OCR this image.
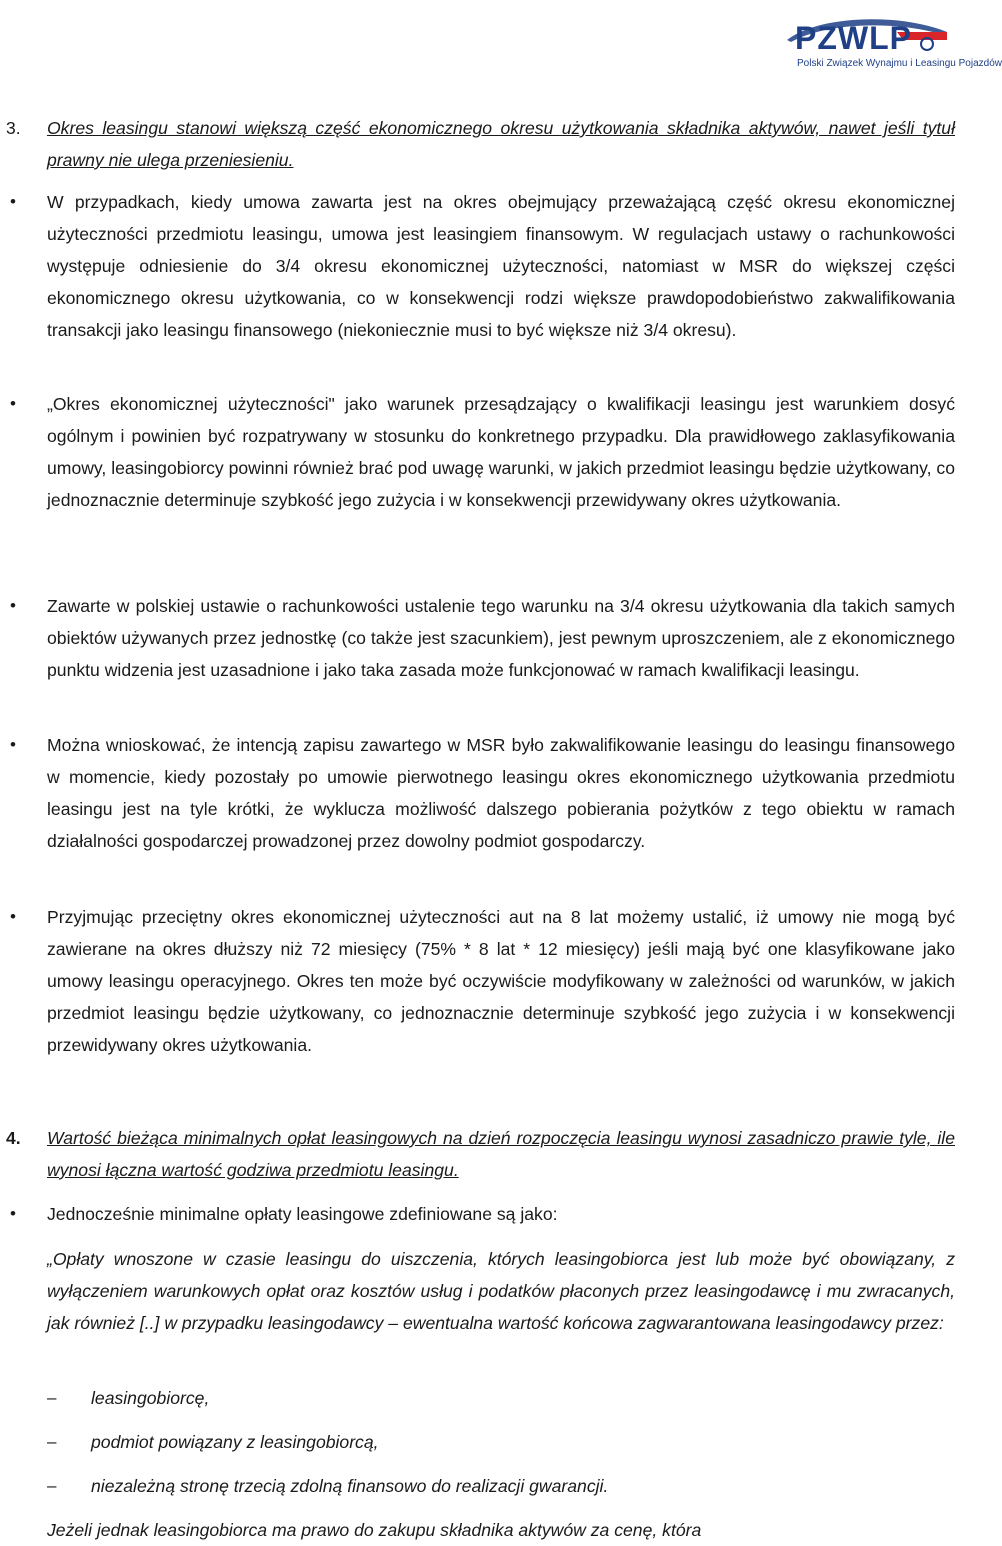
PZWLP
Polski Związek Wynajmu i Leasingu Pojazdów
3. Okres leasingu stanowi większą część ekonomicznego okresu użytkowania składnika aktywów, nawet jeśli tytuł prawny nie ulega przeniesieniu.
• W przypadkach, kiedy umowa zawarta jest na okres obejmujący przeważającą część okresu ekonomicznej użyteczności przedmiotu leasingu, umowa jest leasingiem finansowym. W regulacjach ustawy o rachunkowości występuje odniesienie do 3/4 okresu ekonomicznej użyteczności, natomiast w MSR do większej części ekonomicznego okresu użytkowania, co w konsekwencji rodzi większe prawdopodobieństwo zakwalifikowania transakcji jako leasingu finansowego (niekoniecznie musi to być większe niż 3/4 okresu).
• „Okres ekonomicznej użyteczności" jako warunek przesądzający o kwalifikacji leasingu jest warunkiem dosyć ogólnym i powinien być rozpatrywany w stosunku do konkretnego przypadku. Dla prawidłowego zaklasyfikowania umowy, leasingobiorcy powinni również brać pod uwagę warunki, w jakich przedmiot leasingu będzie użytkowany, co jednoznacznie determinuje szybkość jego zużycia i w konsekwencji przewidywany okres użytkowania.
• Zawarte w polskiej ustawie o rachunkowości ustalenie tego warunku na 3/4 okresu użytkowania dla takich samych obiektów używanych przez jednostkę (co także jest szacunkiem), jest pewnym uproszczeniem, ale z ekonomicznego punktu widzenia jest uzasadnione i jako taka zasada może funkcjonować w ramach kwalifikacji leasingu.
• Można wnioskować, że intencją zapisu zawartego w MSR było zakwalifikowanie leasingu do leasingu finansowego w momencie, kiedy pozostały po umowie pierwotnego leasingu okres ekonomicznego użytkowania przedmiotu leasingu jest na tyle krótki, że wyklucza możliwość dalszego pobierania pożytków z tego obiektu w ramach działalności gospodarczej prowadzonej przez dowolny podmiot gospodarczy.
• Przyjmując przeciętny okres ekonomicznej użyteczności aut na 8 lat możemy ustalić, iż umowy nie mogą być zawierane na okres dłuższy niż 72 miesięcy (75% * 8 lat * 12 miesięcy) jeśli mają być one klasyfikowane jako umowy leasingu operacyjnego. Okres ten może być oczywiście modyfikowany w zależności od warunków, w jakich przedmiot leasingu będzie użytkowany, co jednoznacznie determinuje szybkość jego zużycia i w konsekwencji przewidywany okres użytkowania.
4. Wartość bieżąca minimalnych opłat leasingowych na dzień rozpoczęcia leasingu wynosi zasadniczo prawie tyle, ile wynosi łączna wartość godziwa przedmiotu leasingu.
• Jednocześnie minimalne opłaty leasingowe zdefiniowane są jako:
„Opłaty wnoszone w czasie leasingu do uiszczenia, których leasingobiorca jest lub może być obowiązany, z wyłączeniem warunkowych opłat oraz kosztów usług i podatków płaconych przez leasingodawcę i mu zwracanych, jak również [..] w przypadku leasingodawcy – ewentualna wartość końcowa zagwarantowana leasingodawcy przez:
– leasingobiorcę,
– podmiot powiązany z leasingobiorcą,
– niezależną stronę trzecią zdolną finansowo do realizacji gwarancji.
Jeżeli jednak leasingobiorca ma prawo do zakupu składnika aktywów za cenę, która
